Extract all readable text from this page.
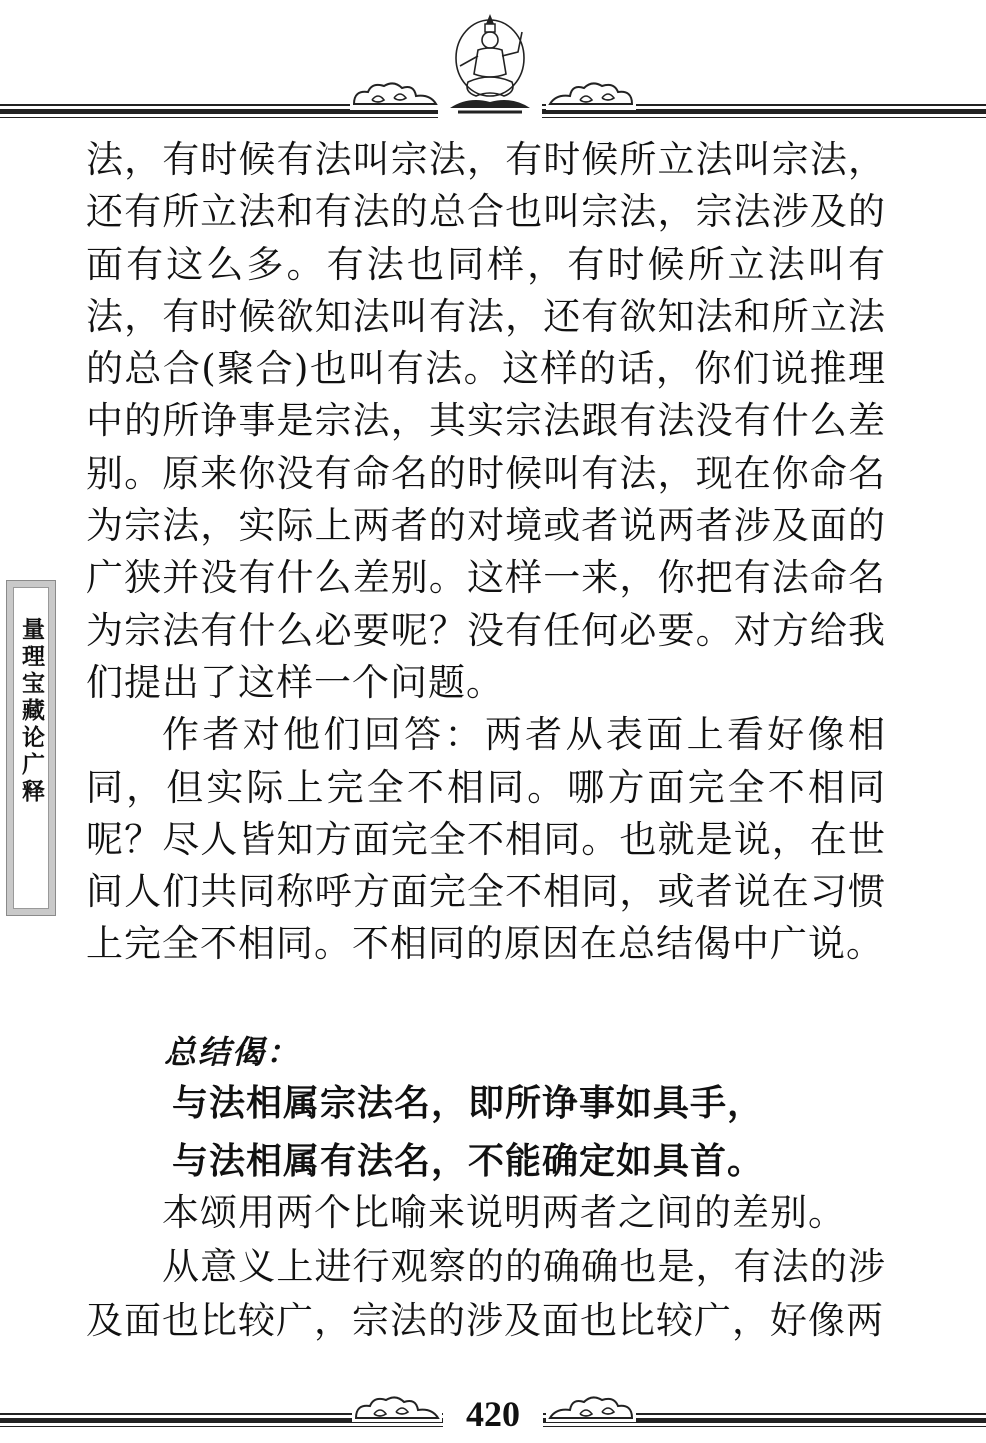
量理宝藏论广释

法，有时候有法叫宗法，有时候所立法叫宗法，还有所立法和有法的总合也叫宗法，宗法涉及的面有这么多。有法也同样，有时候所立法叫有法，有时候欲知法叫有法，还有欲知法和所立法的总合(聚合)也叫有法。这样的话，你们说推理中的所诤事是宗法，其实宗法跟有法没有什么差别。原来你没有命名的时候叫有法，现在你命名为宗法，实际上两者的对境或者说两者涉及面的广狭并没有什么差别。这样一来，你把有法命名为宗法有什么必要呢？没有任何必要。对方给我们提出了这样一个问题。

作者对他们回答：两者从表面上看好像相同，但实际上完全不相同。哪方面完全不相同呢？尽人皆知方面完全不相同。也就是说，在世间人们共同称呼方面完全不相同，或者说在习惯上完全不相同。不相同的原因在总结偈中广说。

总结偈：
与法相属宗法名，即所诤事如具手，
与法相属有法名，不能确定如具首。

本颂用两个比喻来说明两者之间的差别。

从意义上进行观察的的确确也是，有法的涉及面也比较广，宗法的涉及面也比较广，好像两

420
